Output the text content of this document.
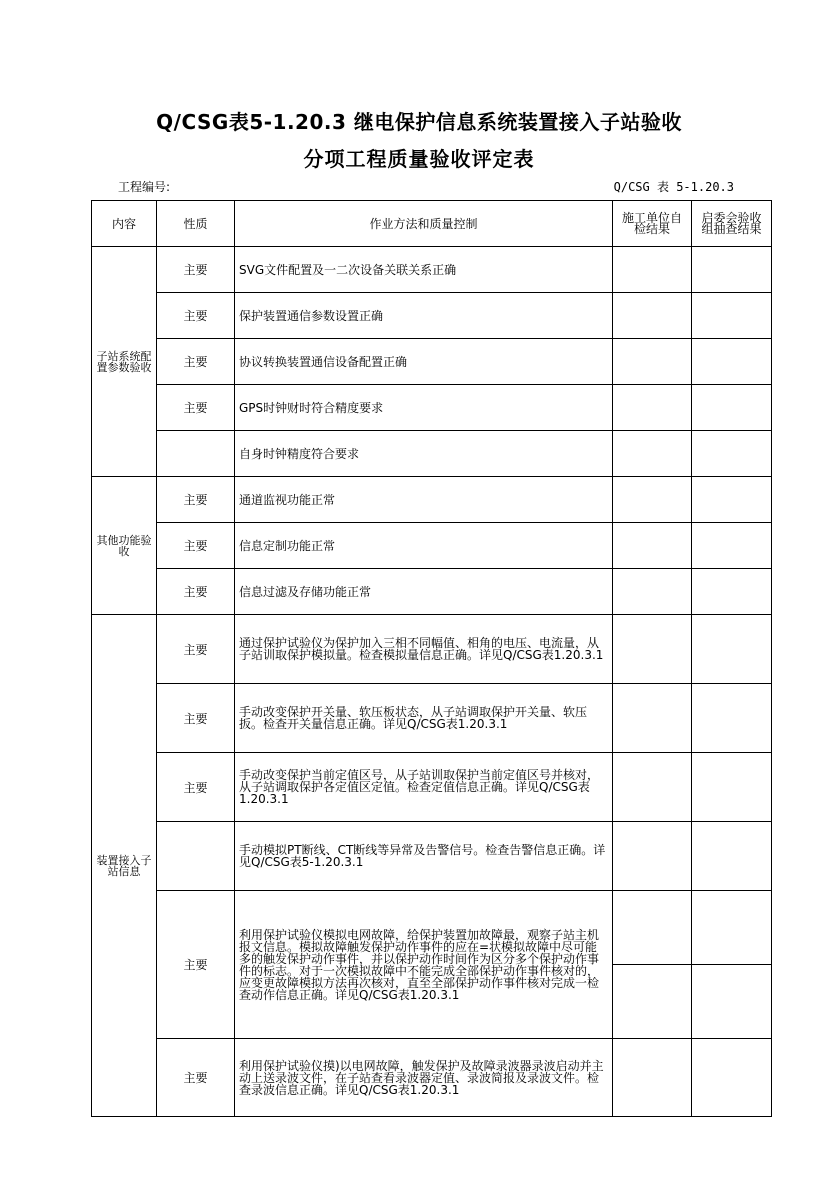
Q/CSG表5-1.20.3 继电保护信息系统装置接入子站验收
分项工程质量验收评定表
工程编号:	Q/CSG 表 5-1.20.3
内容	性质	作业方法和质量控制	施工单位自检结果	启委会验收组抽查结果
子站系统配置参数验收	主要	SVG文件配置及一二次设备关联关系正确		
	主要	保护装置通信参数设置正确		
	主要	协议转换装置通信设备配置正确		
	主要	GPS时钟财时符合精度要求		
		自身时钟精度符合要求		
其他功能验收	主要	通道监视功能正常		
	主要	信息定制功能正常		
	主要	信息过滤及存储功能正常		
装置接入子站信息	主要	通过保护试验仪为保护加入三相不同幅值、相角的电压、电流量，从子站训取保护模拟量。检查模拟量信息正确。详见Q/CSG表1.20.3.1		
	主要	手动改变保护开关量、软压板状态，从子站调取保护开关量、软压扳。检查开关量信息正确。详见Q/CSG表1.20.3.1		
	主要	手动改变保护当前定值区号，从子站训取保护当前定值区号并核对，从子站调取保护各定值区定值。检查定值信息正确。详见Q/CSG表1.20.3.1		
		手动模拟PT断线、CT断线等异常及告警信号。检查告警信息正确。详见Q/CSG表5-1.20.3.1		
	主要	利用保护试验仪模拟电网故障，给保护装置加故障最，观察子站主机报文信息。模拟故障触发保护动作事件的应在=状模拟故障中尽可能多的触发保护动作事件，并以保护动作时间作为区分多个保护动作事件的标志。对于一次模拟故障中不能完成全部保护动作事件核对的，应变更故障模拟方法再次核对，直至全部保护动作事件核对完成一检查动作信息正确。详见Q/CSG表1.20.3.1		

	主要	利用保护试验仪摸)以电网故障，触发保护及故障录波器录波启动并主动上送录波文件，在子站查看录波器定值、录波简报及录波文件。检查录波信息正确。详见Q/CSG表1.20.3.1		
